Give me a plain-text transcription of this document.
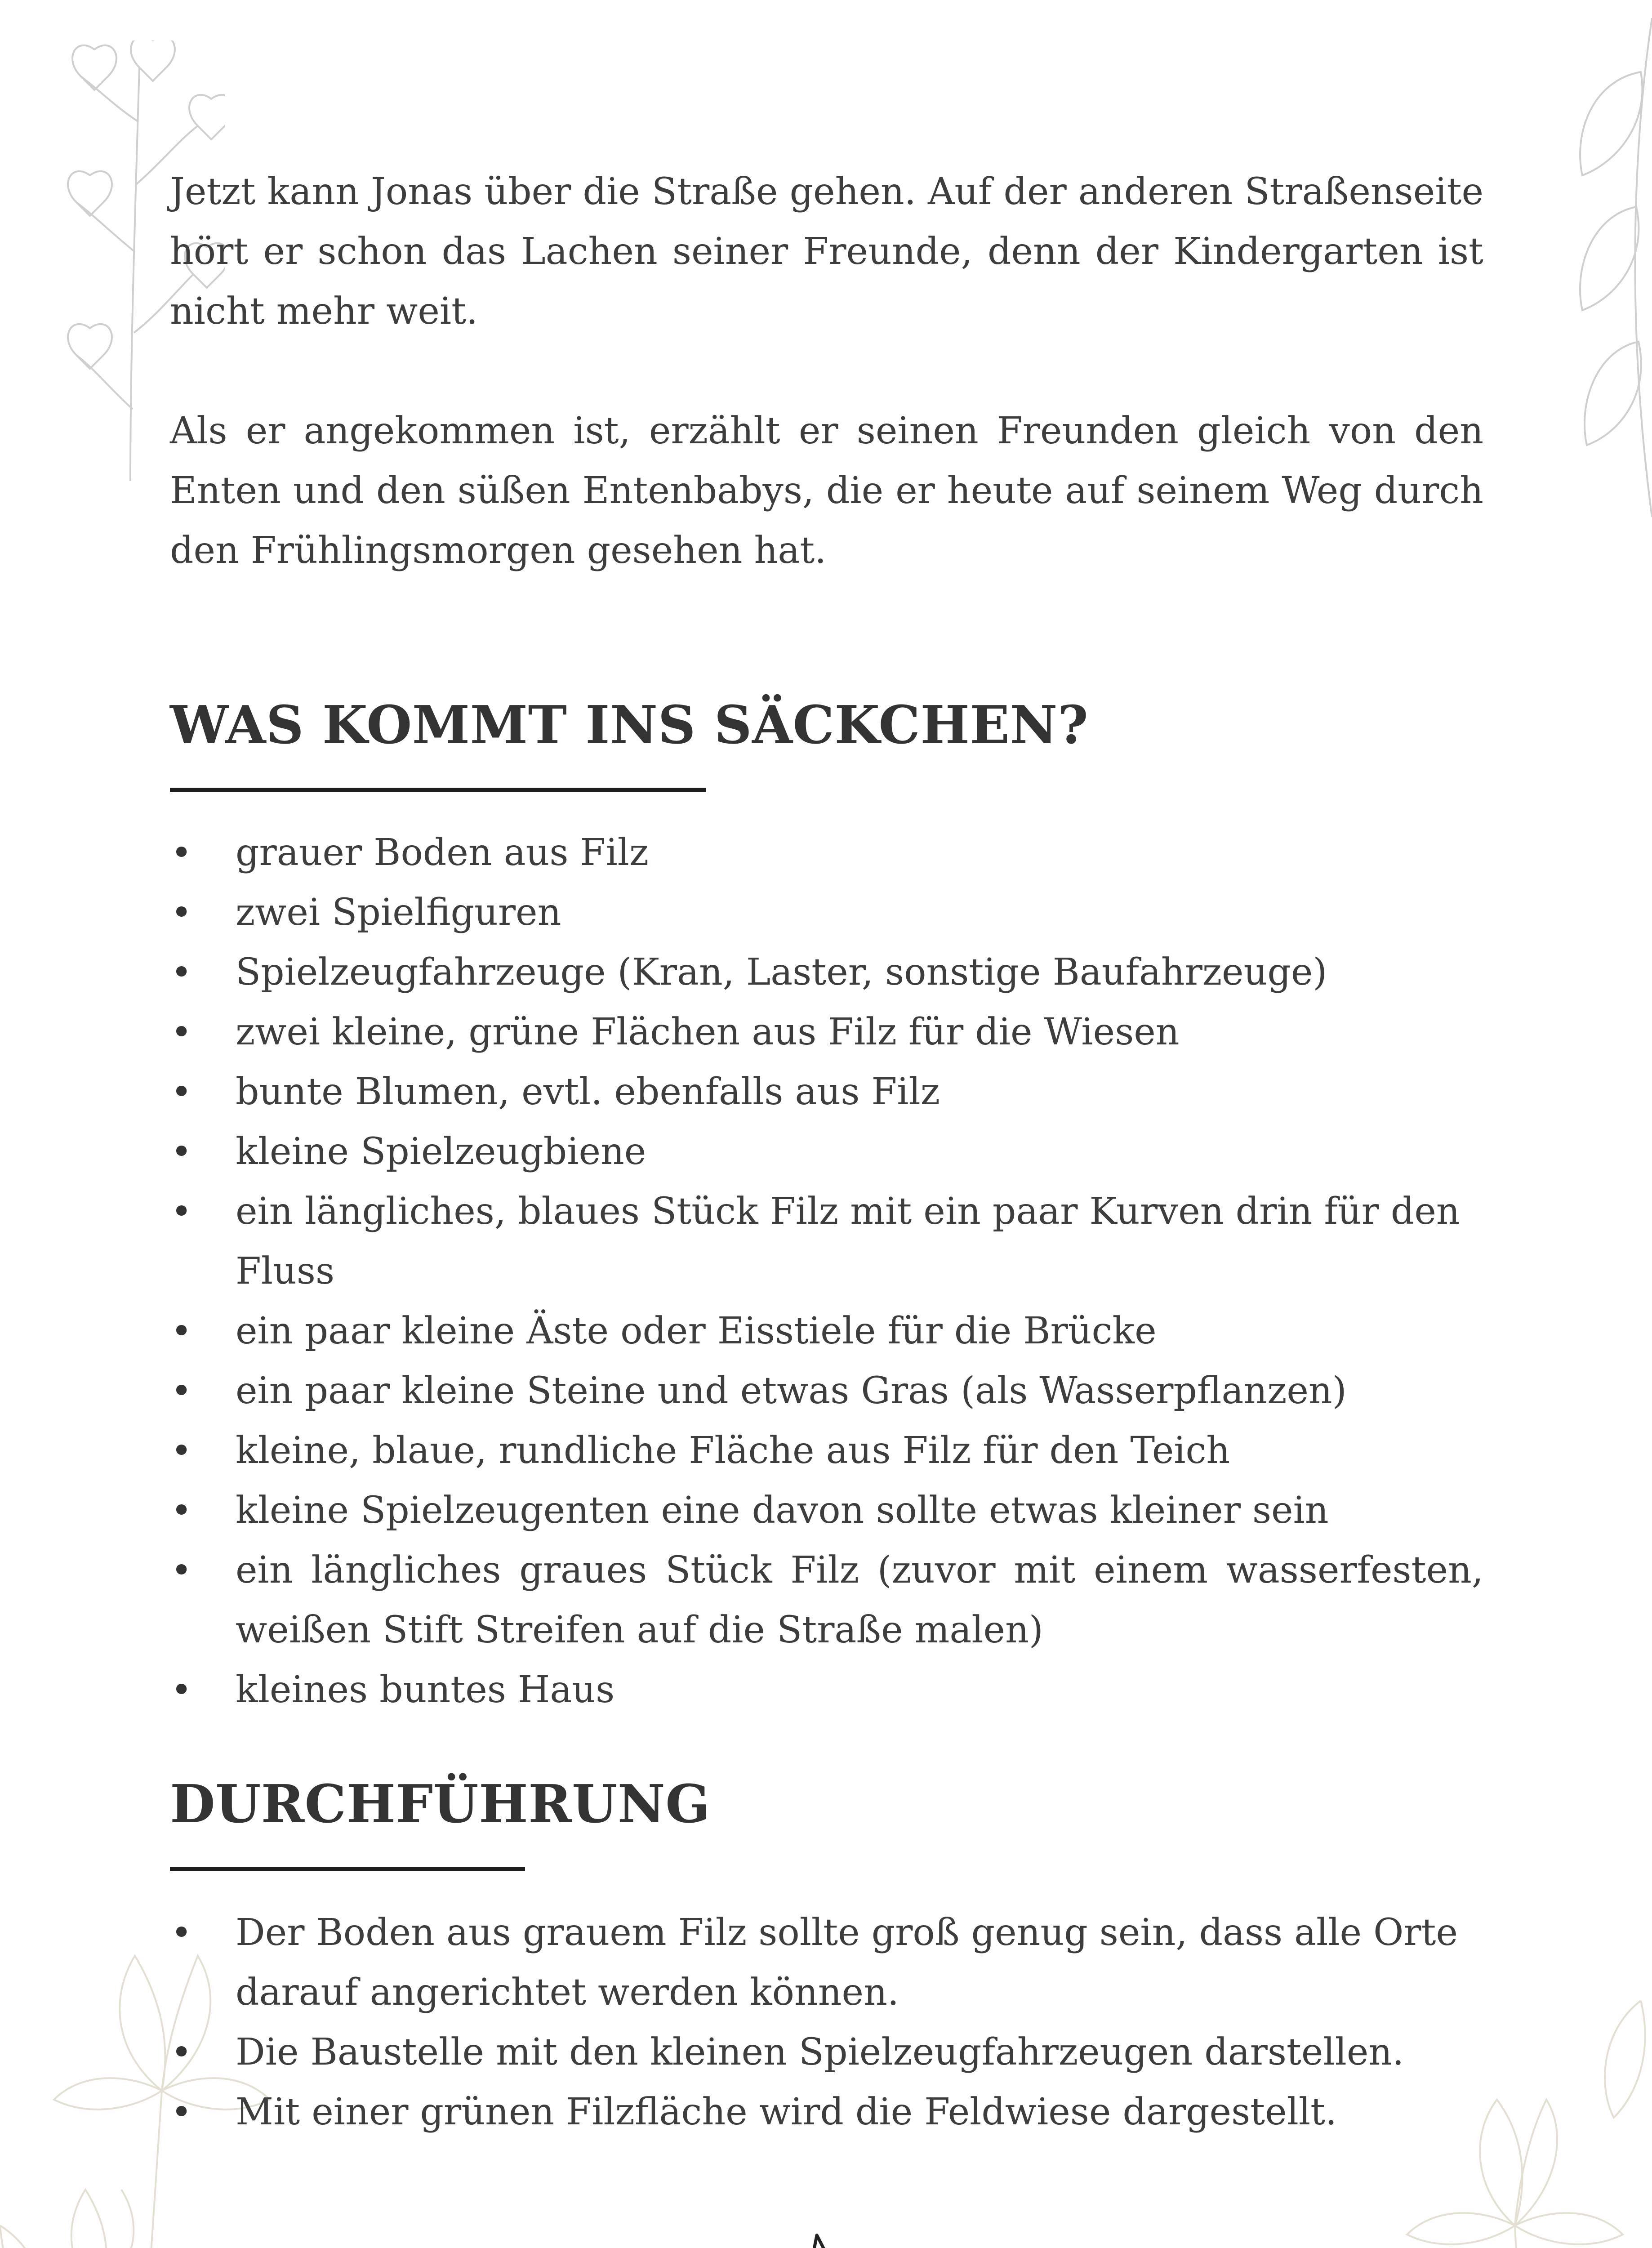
Jetzt kann Jonas über die Straße gehen. Auf der anderen Straßenseite hört er schon das Lachen seiner Freunde, denn der Kindergarten ist nicht mehr weit.

Als er angekommen ist, erzählt er seinen Freunden gleich von den Enten und den süßen Entenbabys, die er heute auf seinem Weg durch den Frühlingsmorgen gesehen hat.

WAS KOMMT INS SÄCKCHEN?
• grauer Boden aus Filz
• zwei Spielfiguren
• Spielzeugfahrzeuge (Kran, Laster, sonstige Baufahrzeuge)
• zwei kleine, grüne Flächen aus Filz für die Wiesen
• bunte Blumen, evtl. ebenfalls aus Filz
• kleine Spielzeugbiene
• ein längliches, blaues Stück Filz mit ein paar Kurven drin für den Fluss
• ein paar kleine Äste oder Eisstiele für die Brücke
• ein paar kleine Steine und etwas Gras (als Wasserpflanzen)
• kleine, blaue, rundliche Fläche aus Filz für den Teich
• kleine Spielzeugenten eine davon sollte etwas kleiner sein
• ein längliches graues Stück Filz (zuvor mit einem wasserfesten, weißen Stift Streifen auf die Straße malen)
• kleines buntes Haus
DURCHFÜHRUNG
• Der Boden aus grauem Filz sollte groß genug sein, dass alle Orte darauf angerichtet werden können.
• Die Baustelle mit den kleinen Spielzeugfahrzeugen darstellen.
• Mit einer grünen Filzfläche wird die Feldwiese dargestellt.
